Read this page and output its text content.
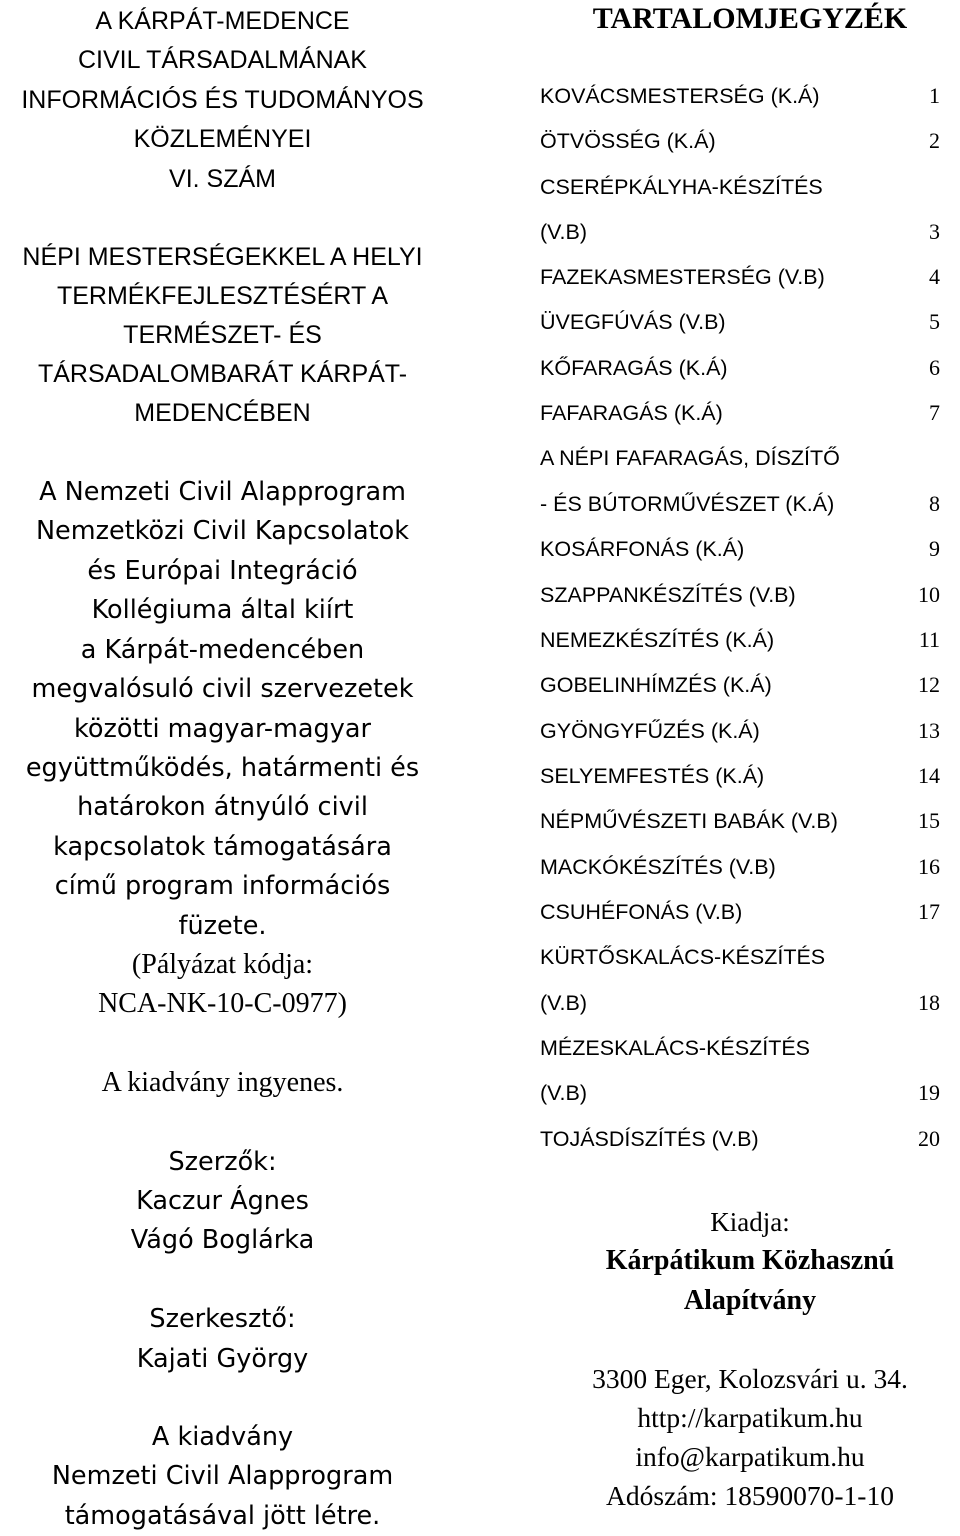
A KÁRPÁT-MEDENCE
CIVIL TÁRSADALMÁNAK
INFORMÁCIÓS ÉS TUDOMÁNYOS
KÖZLEMÉNYEI
VI. SZÁM
NÉPI MESTERSÉGEKKEL A HELYI
TERMÉKFEJLESZTÉSÉRT A
TERMÉSZET- ÉS
TÁRSADALOMBARÁT KÁRPÁT-
MEDENCÉBEN
A Nemzeti Civil Alapprogram
Nemzetközi Civil Kapcsolatok
és Európai Integráció
Kollégiuma által kiírt
a Kárpát-medencében
megvalósuló civil szervezetek
közötti magyar-magyar
együttműködés, határmenti és
határokon átnyúló civil
kapcsolatok támogatására
című program információs
füzete.
(Pályázat kódja:
NCA-NK-10-C-0977)
A kiadvány ingyenes.
Szerzők:
Kaczur Ágnes
Vágó Boglárka
Szerkesztő:
Kajati György
A kiadvány
Nemzeti Civil Alapprogram
támogatásával jött létre.
TARTALOMJEGYZÉK
KOVÁCSMESTERSÉG (K.Á)	1
ÖTVÖSSÉG (K.Á)	2
CSERÉPKÁLYHA-KÉSZÍTÉS
(V.B)	3
FAZEKASMESTERSÉG (V.B)	4
ÜVEGFÚVÁS (V.B)	5
KŐFARAGÁS (K.Á)	6
FAFARAGÁS (K.Á)	7
A NÉPI FAFARAGÁS, DÍSZÍTŐ
- ÉS BÚTORMŰVÉSZET (K.Á)	8
KOSÁRFONÁS (K.Á)	9
SZAPPANKÉSZÍTÉS (V.B)	10
NEMEZKÉSZÍTÉS (K.Á)	11
GOBELINHÍMZÉS (K.Á)	12
GYÖNGYFŰZÉS (K.Á)	13
SELYEMFESTÉS (K.Á)	14
NÉPMŰVÉSZETI BABÁK (V.B)	15
MACKÓKÉSZÍTÉS (V.B)	16
CSUHÉFONÁS (V.B)	17
KÜRTŐSKALÁCS-KÉSZÍTÉS
(V.B)	18
MÉZESKALÁCS-KÉSZÍTÉS
(V.B)	19
TOJÁSDÍSZÍTÉS (V.B)	20
Kiadja:
Kárpátikum Közhasznú
Alapítvány
3300 Eger, Kolozsvári u. 34.
http://karpatikum.hu
info@karpatikum.hu
Adószám: 18590070-1-10
